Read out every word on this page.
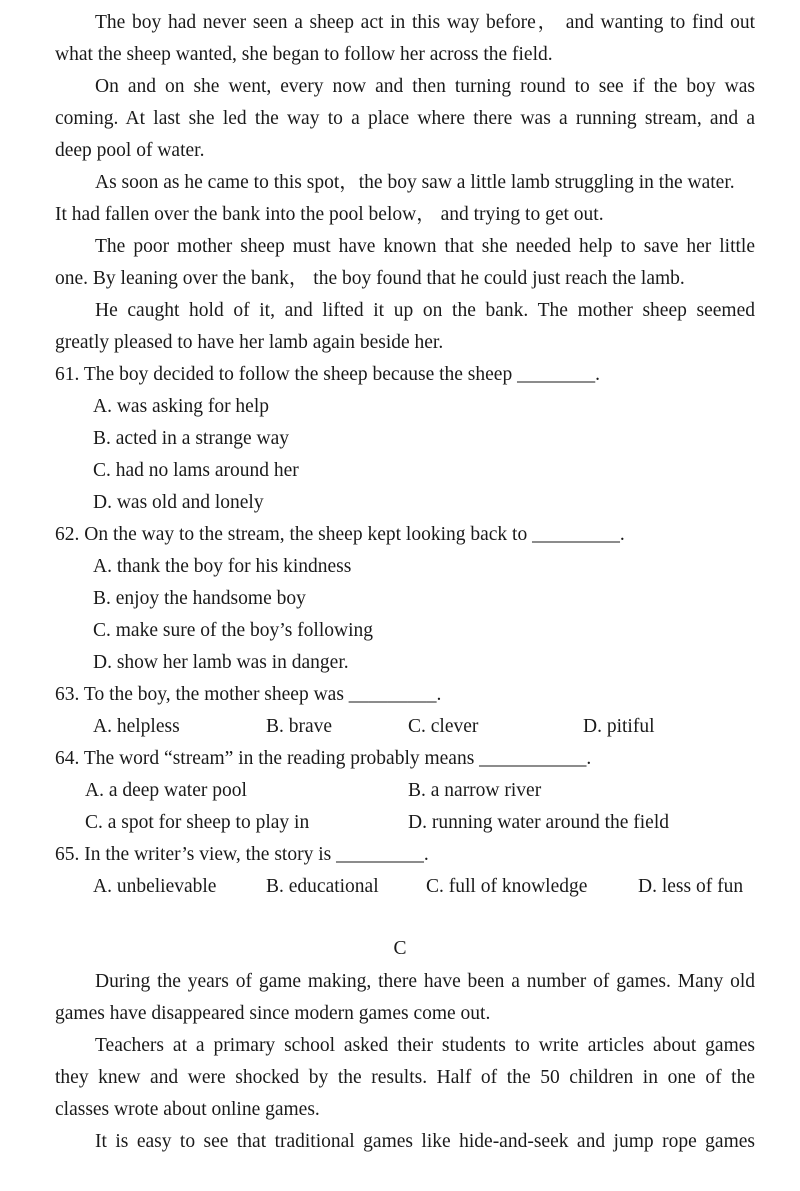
The boy had never seen a sheep act in this way before， and wanting to find out
what the sheep wanted, she began to follow her across the field.
On and on she went, every now and then turning round to see if the boy was
coming. At last she led the way to a place where there was a running stream, and a
deep pool of water.
As soon as he came to this spot，the boy saw a little lamb struggling in the water.
It had fallen over the bank into the pool below， and trying to get out.
The poor mother sheep must have known that she needed help to save her little
one. By leaning over the bank， the boy found that he could just reach the lamb.
He caught hold of it, and lifted it up on the bank. The mother sheep seemed
greatly pleased to have her lamb again beside her.
61. The boy decided to follow the sheep because the sheep ________.
A. was asking for help
B. acted in a strange way
C. had no lams around her
D. was old and lonely
62. On the way to the stream, the sheep kept looking back to _________.
A. thank the boy for his kindness
B. enjoy the handsome boy
C. make sure of the boy’s following
D. show her lamb was in danger.
63. To the boy, the mother sheep was _________.
A. helpless	B. brave	C. clever	D. pitiful
64. The word “stream” in the reading probably means ___________.
A. a deep water pool	B. a narrow river
C. a spot for sheep to play in	D. running water around the field
65. In the writer’s view, the story is _________.
A. unbelievable	B. educational C. full of knowledge	D. less of fun
C
During the years of game making, there have been a number of games. Many old
games have disappeared since modern games come out.
Teachers at a primary school asked their students to write articles about games
they knew and were shocked by the results. Half of the 50 children in one of the
classes wrote about online games.
It is easy to see that traditional games like hide-and-seek and jump rope games
